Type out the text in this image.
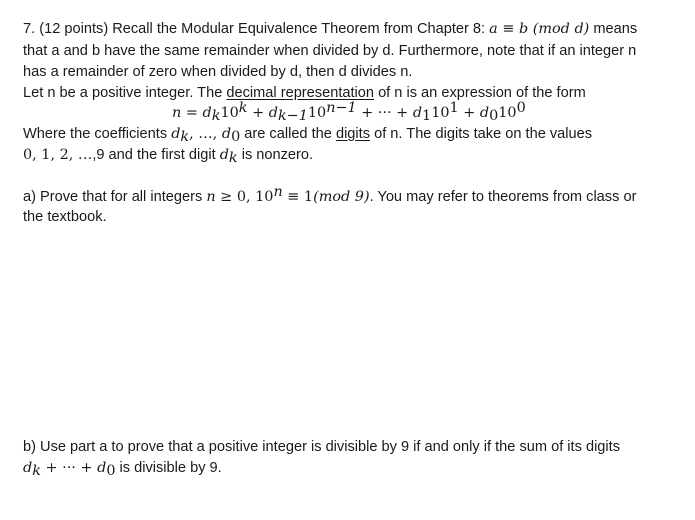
7. (12 points) Recall the Modular Equivalence Theorem from Chapter 8: a ≡ b (mod d) means
that a and b have the same remainder when divided by d. Furthermore, note that if an integer n
has a remainder of zero when divided by d, then d divides n.
Let n be a positive integer. The decimal representation of n is an expression of the form
$n = d_k10^k + d_{k-1}10^{n-1}$ + ··· + $d_110^1 + d_010^0$
Where the coefficients $d_k$, …, $d_0$ are called the digits of n. The digits take on the values
0, 1, 2, …,9 and the first digit $d_k$ is nonzero.
a) Prove that for all integers n ≥ 0, $10^n \equiv 1(mod$ 9). You may refer to theorems from class or
the textbook.
b) Use part a to prove that a positive integer is divisible by 9 if and only if the sum of its digits
$d_k$ + ··· + $d_0$ is divisible by 9.
